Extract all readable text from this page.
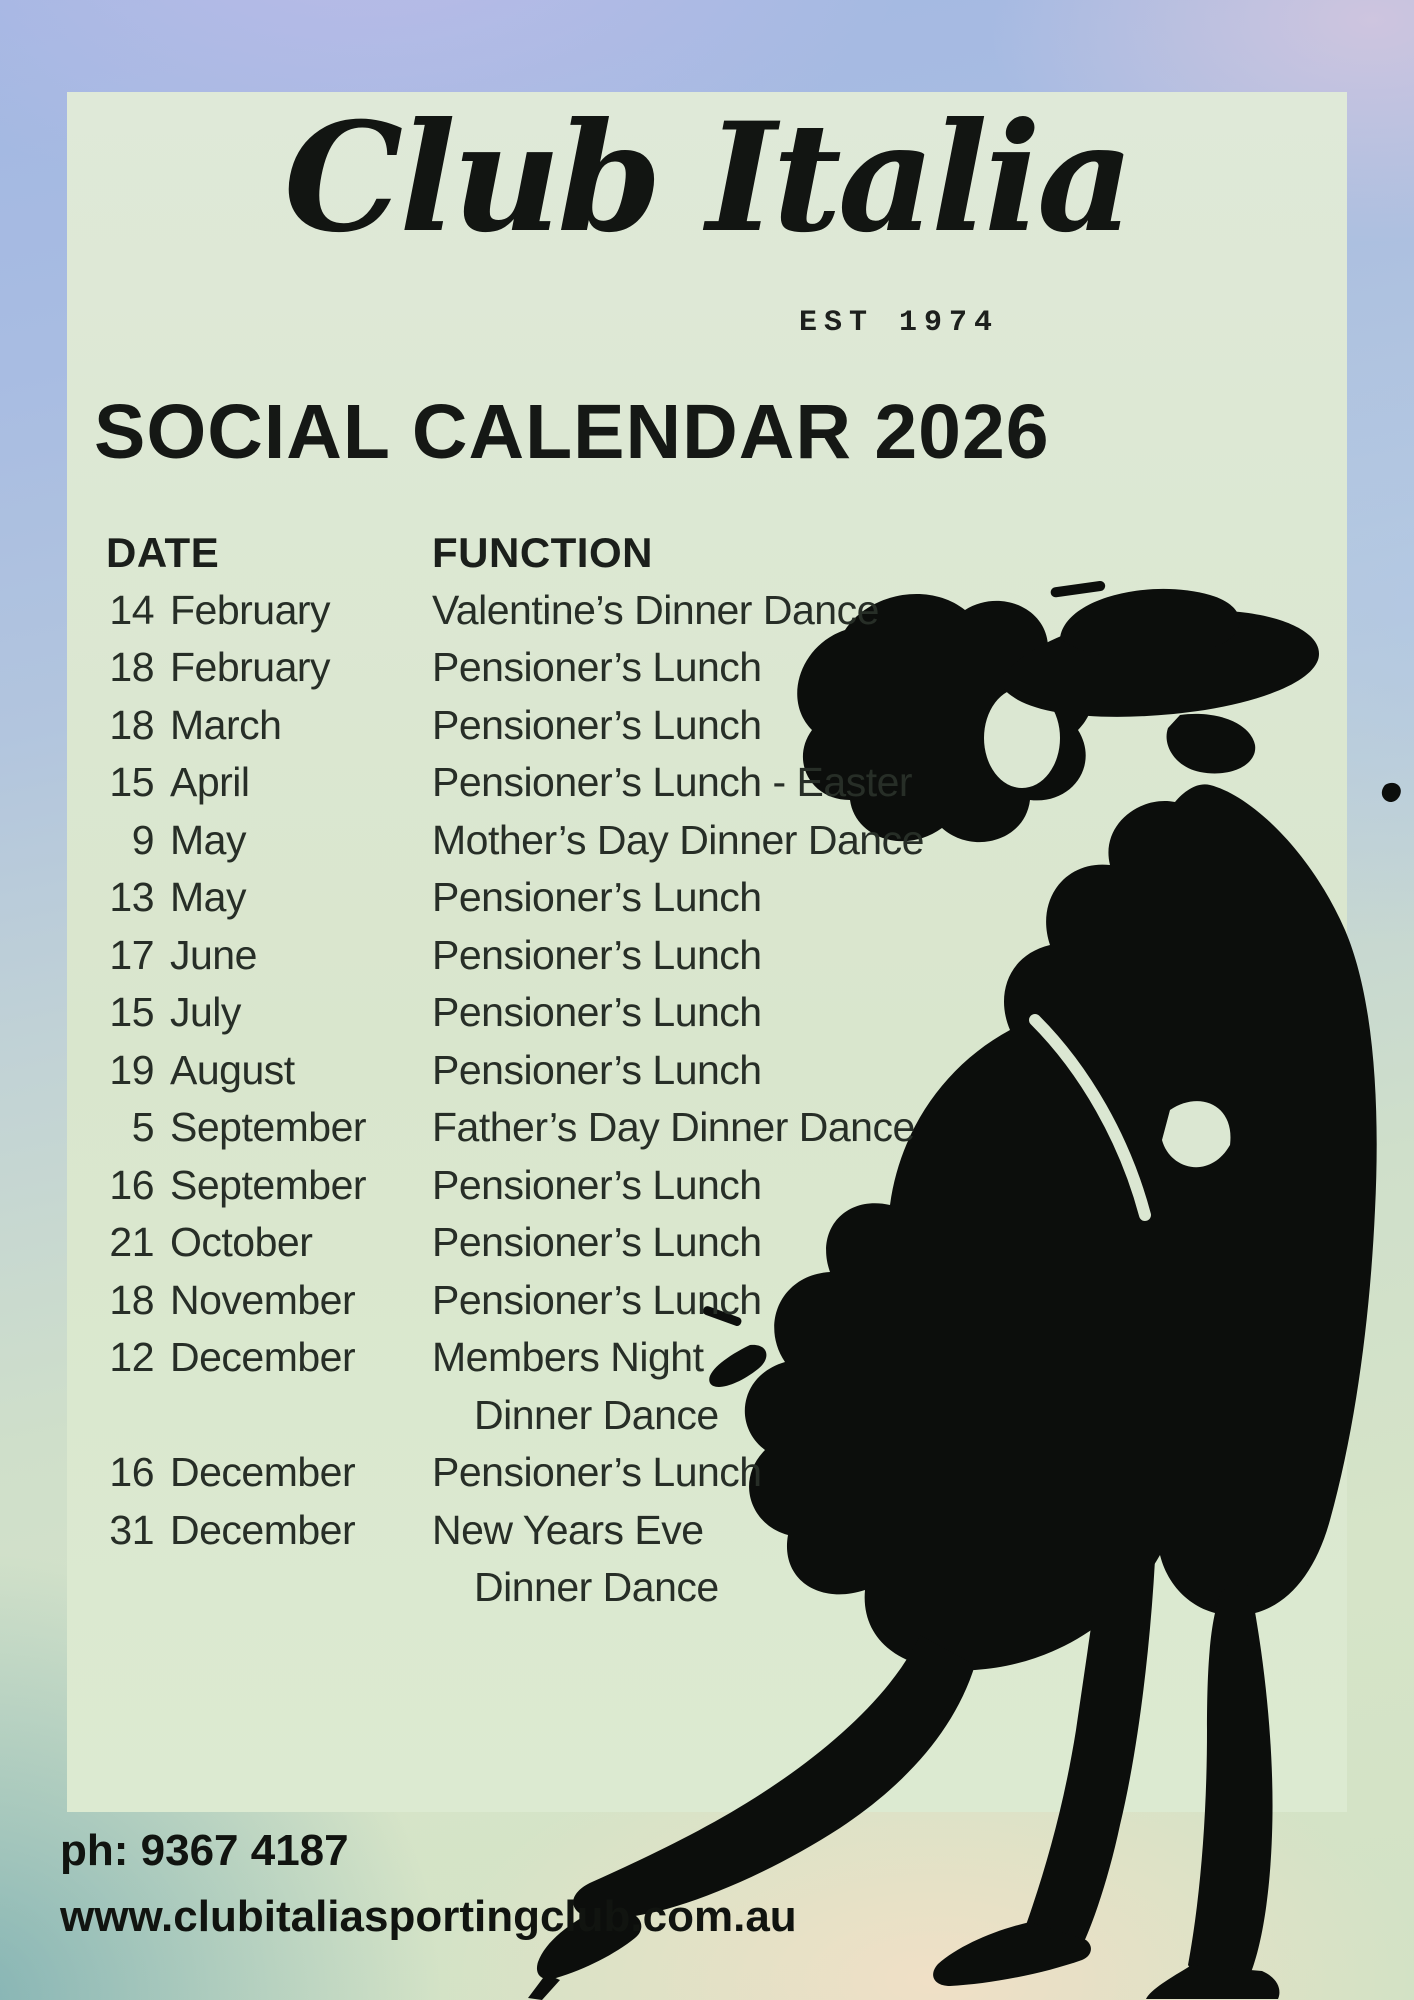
Club Italia
EST 1974
SOCIAL CALENDAR 2026
DATE	FUNCTION
14 February	Valentine’s Dinner Dance
18 February	Pensioner’s Lunch
18 March	Pensioner’s Lunch
15 April	Pensioner’s Lunch - Easter
9 May	Mother’s Day Dinner Dance
13 May	Pensioner’s Lunch
17 June	Pensioner’s Lunch
15 July	Pensioner’s Lunch
19 August	Pensioner’s Lunch
5 September	Father’s Day Dinner Dance
16 September	Pensioner’s Lunch
21 October	Pensioner’s Lunch
18 November	Pensioner’s Lunch
12 December	Members Night
Dinner Dance
16 December	Pensioner’s Lunch
31 December	New Years Eve
Dinner Dance
ph: 9367 4187
www.clubitaliasportingclub.com.au
